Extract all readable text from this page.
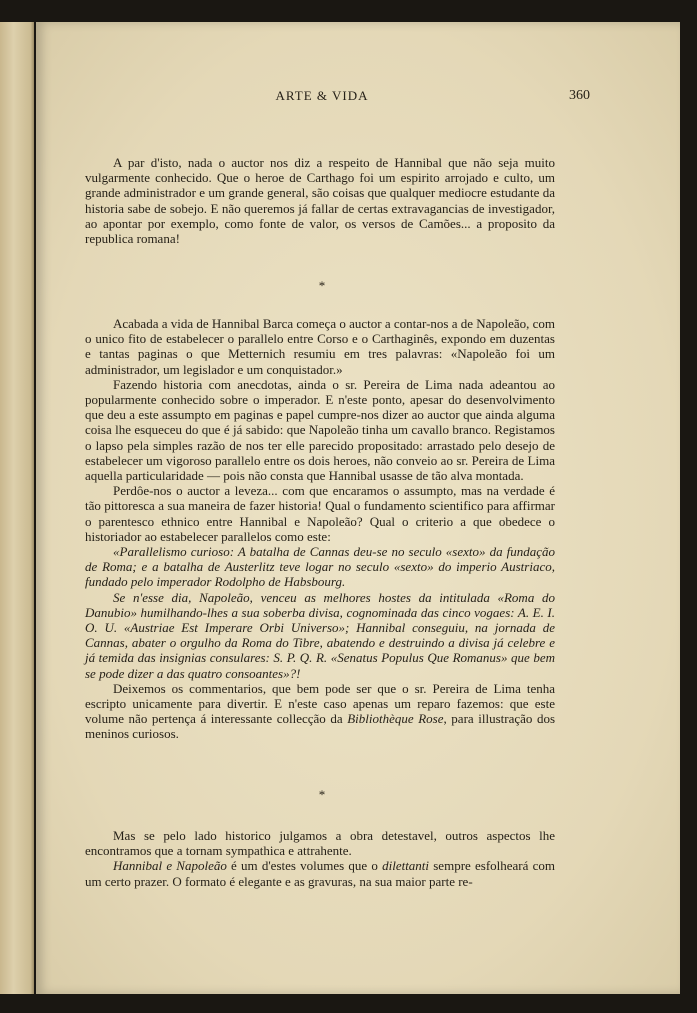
ARTE & VIDA	360

A par d'isto, nada o auctor nos diz a respeito de Hannibal que não seja muito vulgarmente conhecido. Que o heroe de Carthago foi um espirito arrojado e culto, um grande administrador e um grande general, são coisas que qualquer mediocre estudante da historia sabe de sobejo. E não queremos já fallar de certas extravagancias de investigador, ao apontar por exemplo, como fonte de valor, os versos de Camões... a proposito da republica romana!

*

Acabada a vida de Hannibal Barca começa o auctor a contar-nos a de Napoleão, com o unico fito de estabelecer o parallelo entre Corso e o Carthaginês, expondo em duzentas e tantas paginas o que Metternich resumiu em tres palavras: «Napoleão foi um administrador, um legislador e um conquistador.»

Fazendo historia com anecdotas, ainda o sr. Pereira de Lima nada adeantou ao popularmente conhecido sobre o imperador. E n'este ponto, apesar do desenvolvimento que deu a este assumpto em paginas e papel cumpre-nos dizer ao auctor que ainda alguma coisa lhe esqueceu do que é já sabido: que Napoleão tinha um cavallo branco. Registamos o lapso pela simples razão de nos ter elle parecido propositado: arrastado pelo desejo de estabelecer um vigoroso parallelo entre os dois heroes, não conveio ao sr. Pereira de Lima aquella particularidade — pois não consta que Hannibal usasse de tão alva montada.

Perdôe-nos o auctor a leveza... com que encaramos o assumpto, mas na verdade é tão pittoresca a sua maneira de fazer historia! Qual o fundamento scientifico para affirmar o parentesco ethnico entre Hannibal e Napoleão? Qual o criterio a que obedece o historiador ao estabelecer parallelos como este:

«Parallelismo curioso: A batalha de Cannas deu-se no seculo «sexto» da fundação de Roma; e a batalha de Austerlitz teve logar no seculo «sexto» do imperio Austriaco, fundado pelo imperador Rodolpho de Habsbourg.

Se n'esse dia, Napoleão, venceu as melhores hostes da intitulada «Roma do Danubio» humilhando-lhes a sua soberba divisa, cognominada das cinco vogaes: A. E. I. O. U. «Austriae Est Imperare Orbi Universo»; Hannibal conseguiu, na jornada de Cannas, abater o orgulho da Roma do Tibre, abatendo e destruindo a divisa já celebre e já temida das insignias consulares: S. P. Q. R. «Senatus Populus Que Romanus» que bem se pode dizer a das quatro consoantes»?!

Deixemos os commentarios, que bem pode ser que o sr. Pereira de Lima tenha escripto unicamente para divertir. E n'este caso apenas um reparo fazemos: que este volume não pertença á interessante collecção da Bibliothèque Rose, para illustração dos meninos curiosos.

*

Mas se pelo lado historico julgamos a obra detestavel, outros aspectos lhe encontramos que a tornam sympathica e attrahente.

Hannibal e Napoleão é um d'estes volumes que o dilettanti sempre esfolheará com um certo prazer. O formato é elegante e as gravuras, na sua maior parte re-
